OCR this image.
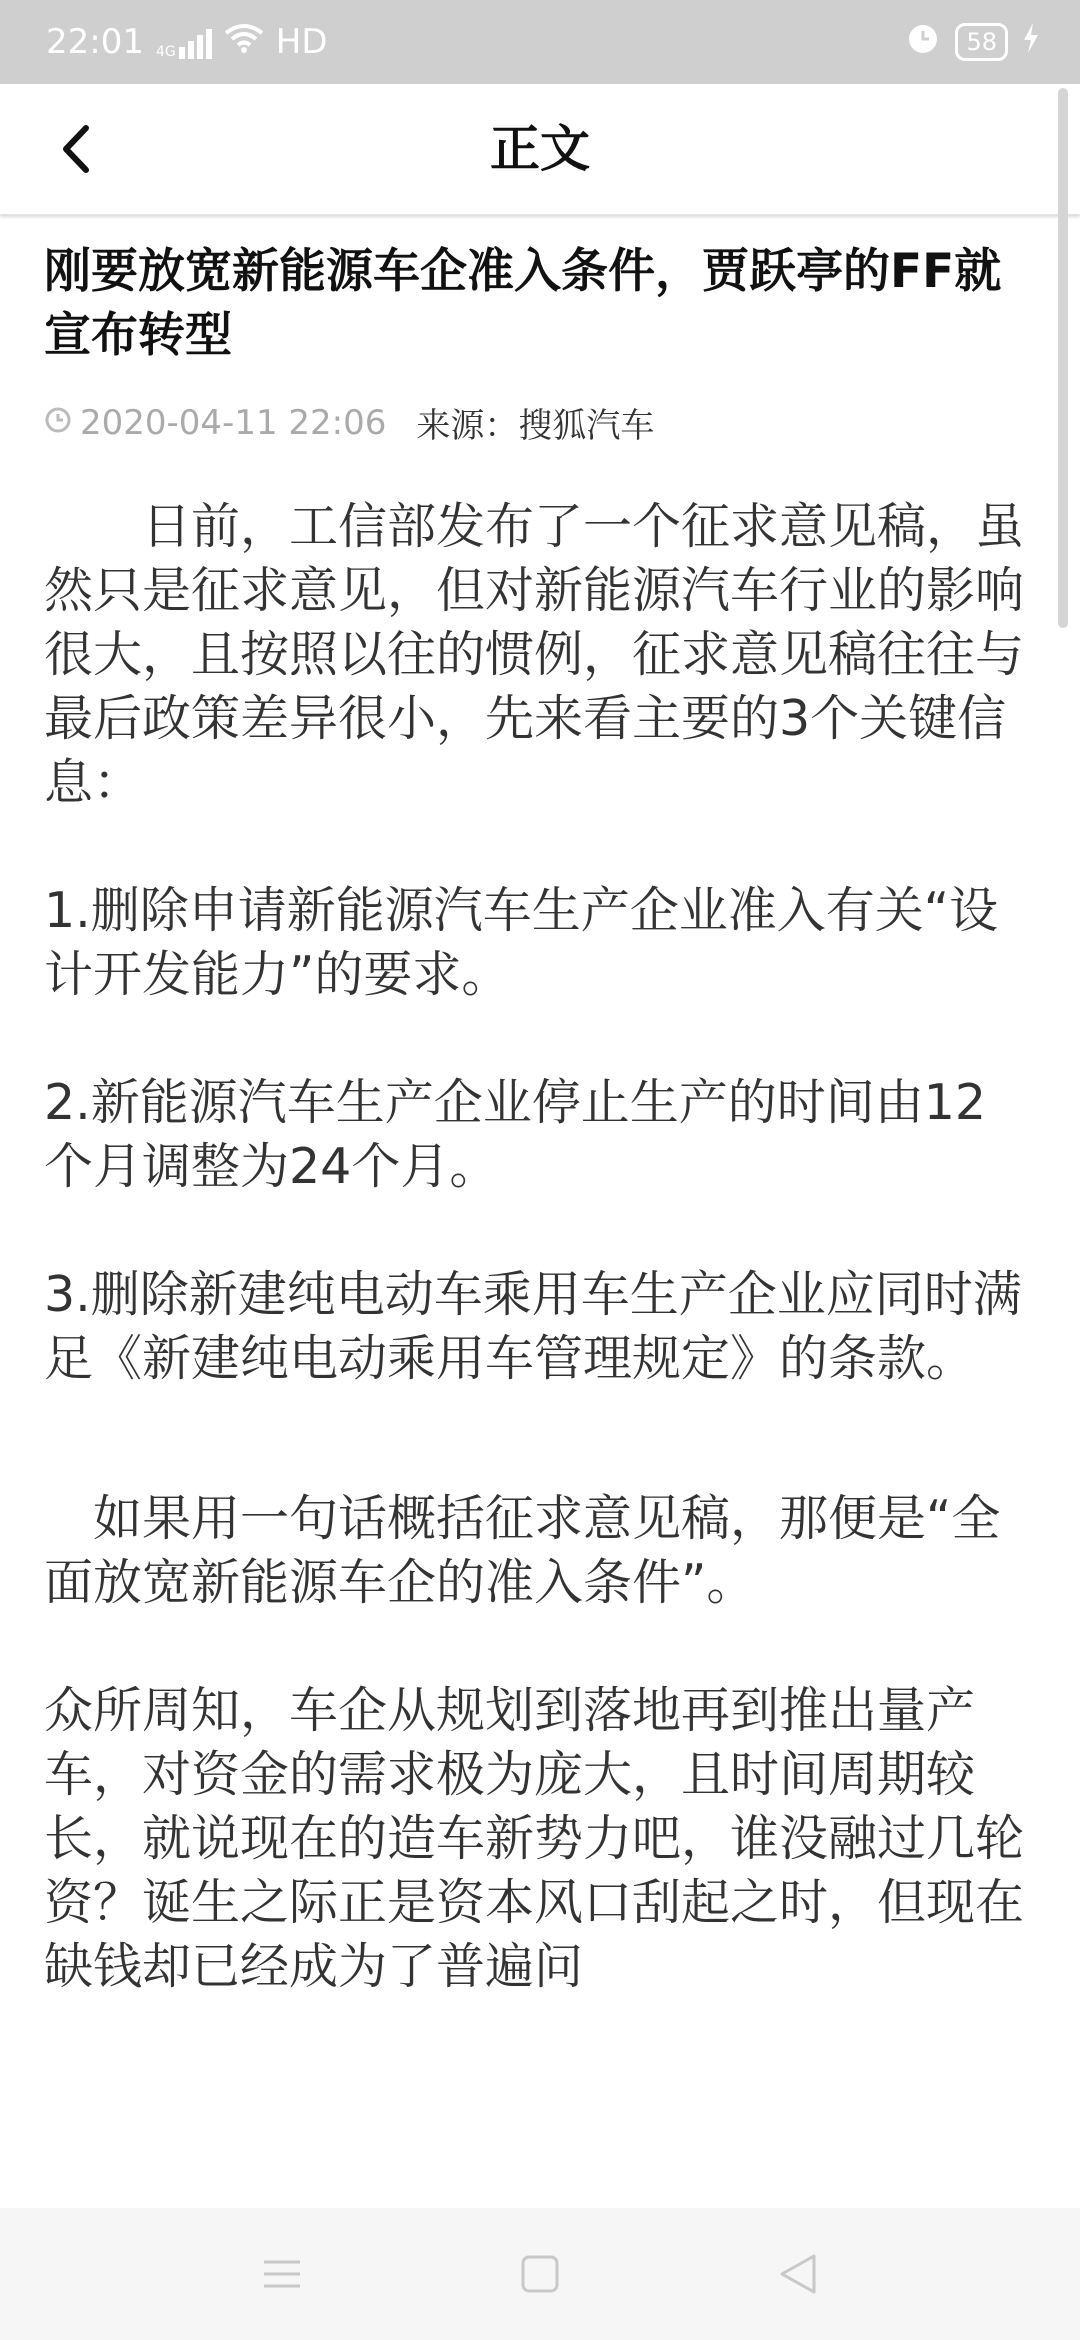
22:01 4G	HD	58
正文
刚要放宽新能源车企准入条件，贾跃亭的FF就宣布转型
2020-04-11 22:06 来源：搜狐汽车

　　日前，工信部发布了一个征求意见稿，虽然只是征求意见，但对新能源汽车行业的影响很大，且按照以往的惯例，征求意见稿往往与最后政策差异很小，先来看主要的3个关键信息：

1.删除申请新能源汽车生产企业准入有关“设计开发能力”的要求。

2.新能源汽车生产企业停止生产的时间由12个月调整为24个月。

3.删除新建纯电动车乘用车生产企业应同时满足《新建纯电动乘用车管理规定》的条款。

　如果用一句话概括征求意见稿，那便是“全面放宽新能源车企的准入条件”。

众所周知，车企从规划到落地再到推出量产车，对资金的需求极为庞大，且时间周期较长，就说现在的造车新势力吧，谁没融过几轮资？诞生之际正是资本风口刮起之时，但现在缺钱却已经成为了普遍问
